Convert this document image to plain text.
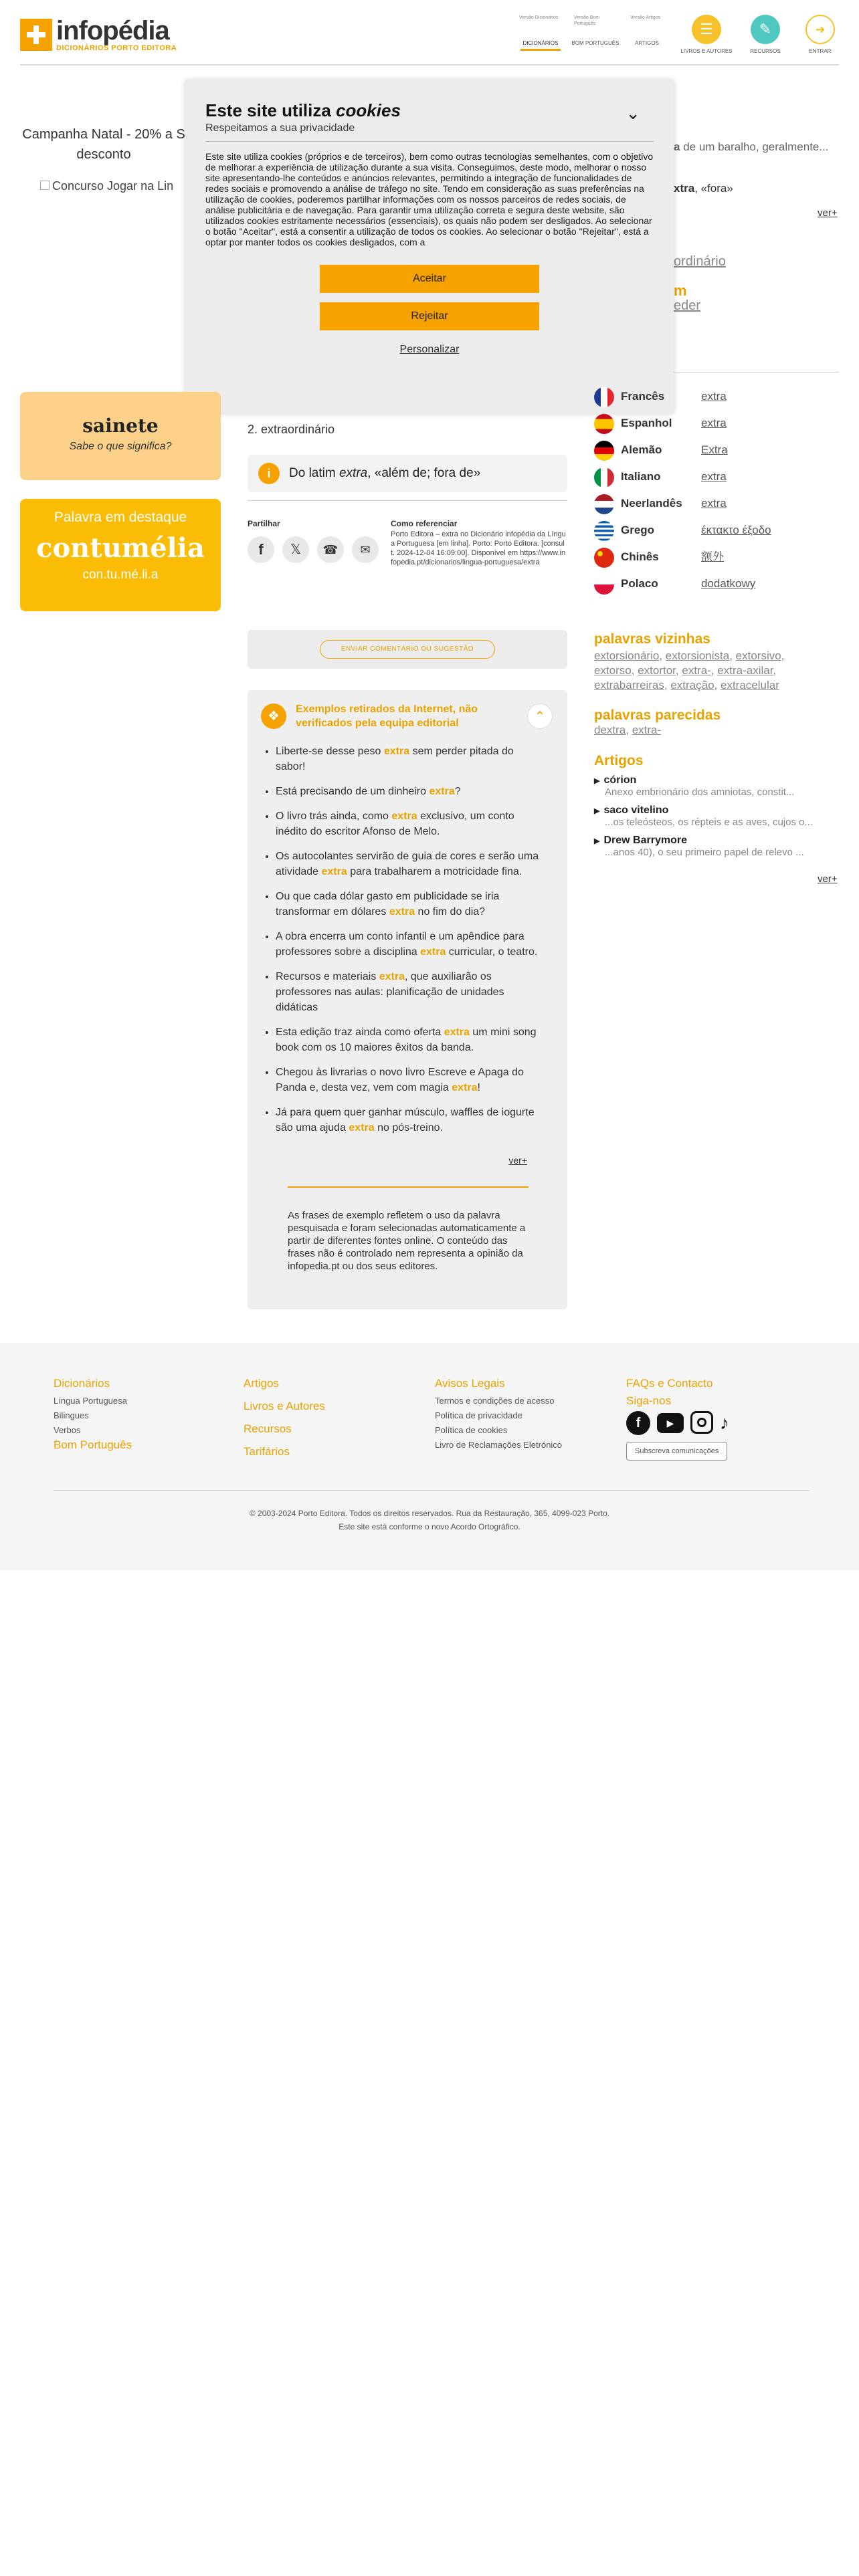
infopédia
DICIONÁRIOS PORTO EDITORA
Versão Dicionários
DICIONÁRIOS
Versão Bom Português
BOM PORTUGUÊS
Versão Artigos
ARTIGOS
☰
LIVROS E AUTORES
✎
RECURSOS
➜
ENTRAR
Campanha Natal - 20% a S desconto
Concurso Jogar na Lin
a de um baralho, geralmente...
xtra, «fora»
ver+
ordinário
m
eder
Este site utiliza cookies
Respeitamos a sua privacidade
⌄

Este site utiliza cookies (próprios e de terceiros), bem como outras tecnologias semelhantes, com o objetivo de melhorar a experiência de utilização durante a sua visita. Conseguimos, deste modo, melhorar o nosso site apresentando-lhe conteúdos e anúncios relevantes, permitindo a integração de funcionalidades de redes sociais e promovendo a análise de tráfego no site. Tendo em consideração as suas preferências na utilização de cookies, poderemos partilhar informações com os nossos parceiros de redes sociais, de análise publicitária e de navegação. Para garantir uma utilização correta e segura deste website, são utilizados cookies estritamente necessários (essenciais), os quais não podem ser desligados. Ao selecionar o botão "Aceitar", está a consentir a utilização de todos os cookies. Ao selecionar o botão "Rejeitar", está a optar por manter todos os cookies desligados, com a

Aceitar
Rejeitar
Personalizar
sainete
Sabe o que significa?
Palavra em destaque
contumélia
con.tu.mé.li.a
2. extraordinário
i	Do latim extra, «além de; fora de»
Partilhar
f	𝕏	☎	✉
Como referenciar
Porto Editora – extra no Dicionário infopédia da Língua Portuguesa [em linha]. Porto: Porto Editora. [consult. 2024-12-04 16:09:00]. Disponível em https://www.infopedia.pt/dicionarios/lingua-portuguesa/extra
ENVIAR COMENTÁRIO OU SUGESTÃO
❖	Exemplos retirados da Internet, não verificados pela equipa editorial	⌃
• Liberte-se desse peso extra sem perder pitada do sabor!
• Está precisando de um dinheiro extra?
• O livro trás ainda, como extra exclusivo, um conto inédito do escritor Afonso de Melo.
• Os autocolantes servirão de guia de cores e serão uma atividade extra para trabalharem a motricidade fina.
• Ou que cada dólar gasto em publicidade se iria transformar em dólares extra no fim do dia?
• A obra encerra um conto infantil e um apêndice para professores sobre a disciplina extra curricular, o teatro.
• Recursos e materiais extra, que auxiliarão os professores nas aulas: planificação de unidades didáticas
• Esta edição traz ainda como oferta extra um mini song book com os 10 maiores êxitos da banda.
• Chegou às livrarias o novo livro Escreve e Apaga do Panda e, desta vez, vem com magia extra!
• Já para quem quer ganhar músculo, waffles de iogurte são uma ajuda extra no pós-treino.
ver+
As frases de exemplo refletem o uso da palavra pesquisada e foram selecionadas automaticamente a partir de diferentes fontes online. O conteúdo das frases não é controlado nem representa a opinião da infopedia.pt ou dos seus editores.
Francês	extra
Espanhol	extra
Alemão	Extra
Italiano	extra
Neerlandês extra
Grego	έκτακτο έξοδο
Chinês	额外
Polaco	dodatkowy
palavras vizinhas
extorsionário, extorsionista, extorsivo, extorso, extortor, extra-, extra-axilar, extrabarreiras, extração, extracelular
palavras parecidas
dextra, extra-
Artigos
▶ córion
Anexo embrionário dos amniotas, constit...
▶ saco vitelino
...os teleósteos, os répteis e as aves, cujos o...
▶ Drew Barrymore
...anos 40), o seu primeiro papel de relevo ...
ver+
Dicionários
Língua Portuguesa
Bilingues
Verbos
Bom Português
Artigos
Livros e Autores
Recursos
Tarifários
Avisos Legais
Termos e condições de acesso
Política de privacidade
Política de cookies
Livro de Reclamações Eletrónico
FAQs e Contacto
Siga-nos
f	▶	♪
Subscreva comunicações
© 2003-2024 Porto Editora. Todos os direitos reservados. Rua da Restauração, 365, 4099-023 Porto.
Este site está conforme o novo Acordo Ortográfico.
